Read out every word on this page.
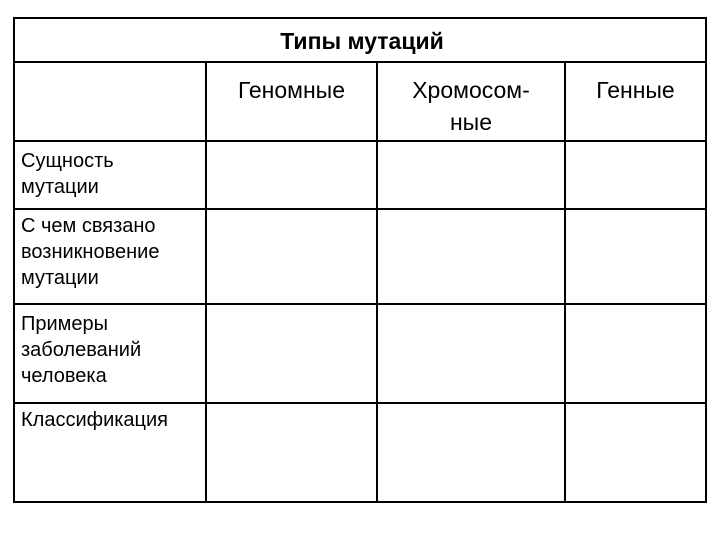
Типы мутаций
Геномные	Хромосом-
ные
Генные
Сущность
мутации
С чем связано
возникновение
мутации
Примеры
заболеваний
человека
Классификация
